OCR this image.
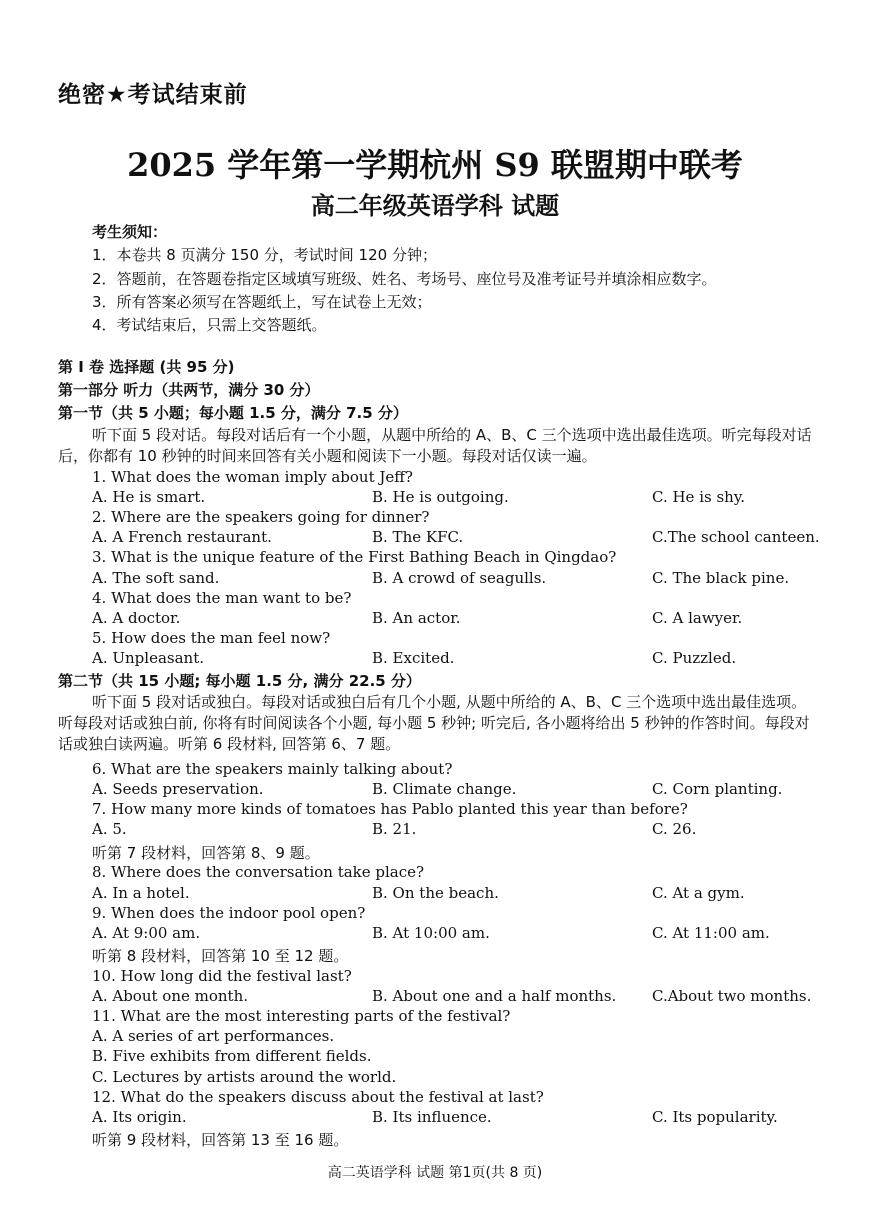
绝密★考试结束前
2025 学年第一学期杭州 S9 联盟期中联考
高二年级英语学科 试题
考生须知：
1．本卷共 8 页满分 150 分，考试时间 120 分钟；
2．答题前，在答题卷指定区域填写班级、姓名、考场号、座位号及准考证号并填涂相应数字。
3．所有答案必须写在答题纸上，写在试卷上无效；
4．考试结束后，只需上交答题纸。
第 I 卷 选择题 (共 95 分)
第一部分 听力（共两节，满分 30 分）
第一节（共 5 小题；每小题 1.5 分，满分 7.5 分）
听下面 5 段对话。每段对话后有一个小题，从题中所给的 A、B、C 三个选项中选出最佳选项。听完每段对话后，你都有 10 秒钟的时间来回答有关小题和阅读下一小题。每段对话仅读一遍。
1. What does the woman imply about Jeff?
A. He is smart.	B. He is outgoing.	C. He is shy.
2. Where are the speakers going for dinner?
A. A French restaurant.	B. The KFC.	C.The school canteen.
3. What is the unique feature of the First Bathing Beach in Qingdao?
A. The soft sand.	B. A crowd of seagulls.	C. The black pine.
4. What does the man want to be?
A. A doctor.	B. An actor.	C. A lawyer.
5. How does the man feel now?
A. Unpleasant.	B. Excited.	C. Puzzled.
第二节（共 15 小题; 每小题 1.5 分, 满分 22.5 分）
听下面 5 段对话或独白。每段对话或独白后有几个小题, 从题中所给的 A、B、C 三个选项中选出最佳选项。听每段对话或独白前, 你将有时间阅读各个小题, 每小题 5 秒钟; 听完后, 各小题将给出 5 秒钟的作答时间。每段对话或独白读两遍。听第 6 段材料, 回答第 6、7 题。
6. What are the speakers mainly talking about?
A. Seeds preservation.	B. Climate change.	C. Corn planting.
7. How many more kinds of tomatoes has Pablo planted this year than before?
A. 5.	B. 21.	C. 26.
听第 7 段材料，回答第 8、9 题。
8. Where does the conversation take place?
A. In a hotel.	B. On the beach.	C. At a gym.
9. When does the indoor pool open?
A. At 9:00 am.	B. At 10:00 am.	C. At 11:00 am.
听第 8 段材料，回答第 10 至 12 题。
10. How long did the festival last?
A. About one month.	B. About one and a half months. C.About two months.
11. What are the most interesting parts of the festival?
A. A series of art performances.
B. Five exhibits from different fields.
C. Lectures by artists around the world.
12. What do the speakers discuss about the festival at last?
A. Its origin.	B. Its influence.	C. Its popularity.
听第 9 段材料，回答第 13 至 16 题。
高二英语学科 试题 第1页(共 8 页)
